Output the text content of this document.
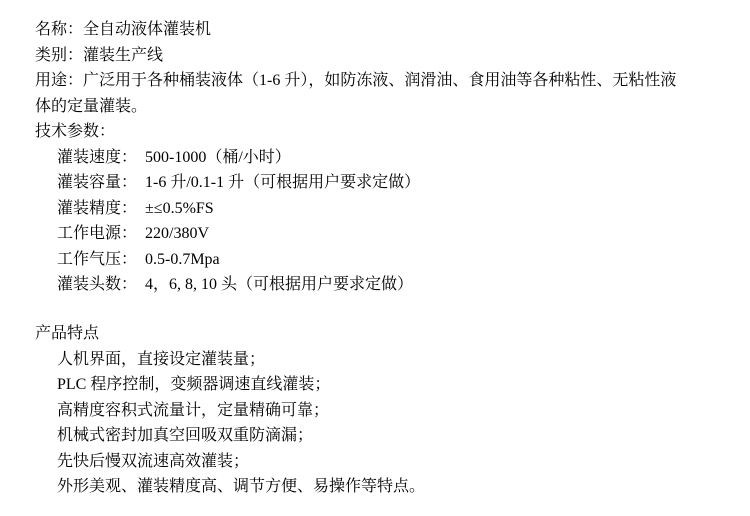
名称：全自动液体灌装机
类别：灌装生产线
用途：广泛用于各种桶装液体（1-6 升），如防冻液、润滑油、食用油等各种粘性、无粘性液
体的定量灌装。
技术参数：
灌装速度： 500-1000（桶/小时）
灌装容量： 1-6 升/0.1-1 升（可根据用户要求定做）
灌装精度： ±≤0.5%FS
工作电源： 220/380V
工作气压： 0.5-0.7Mpa
灌装头数： 4，6, 8, 10 头（可根据用户要求定做）
产品特点
人机界面，直接设定灌装量；
PLC 程序控制，变频器调速直线灌装；
高精度容积式流量计，定量精确可靠；
机械式密封加真空回吸双重防滴漏；
先快后慢双流速高效灌装；
外形美观、灌装精度高、调节方便、易操作等特点。
